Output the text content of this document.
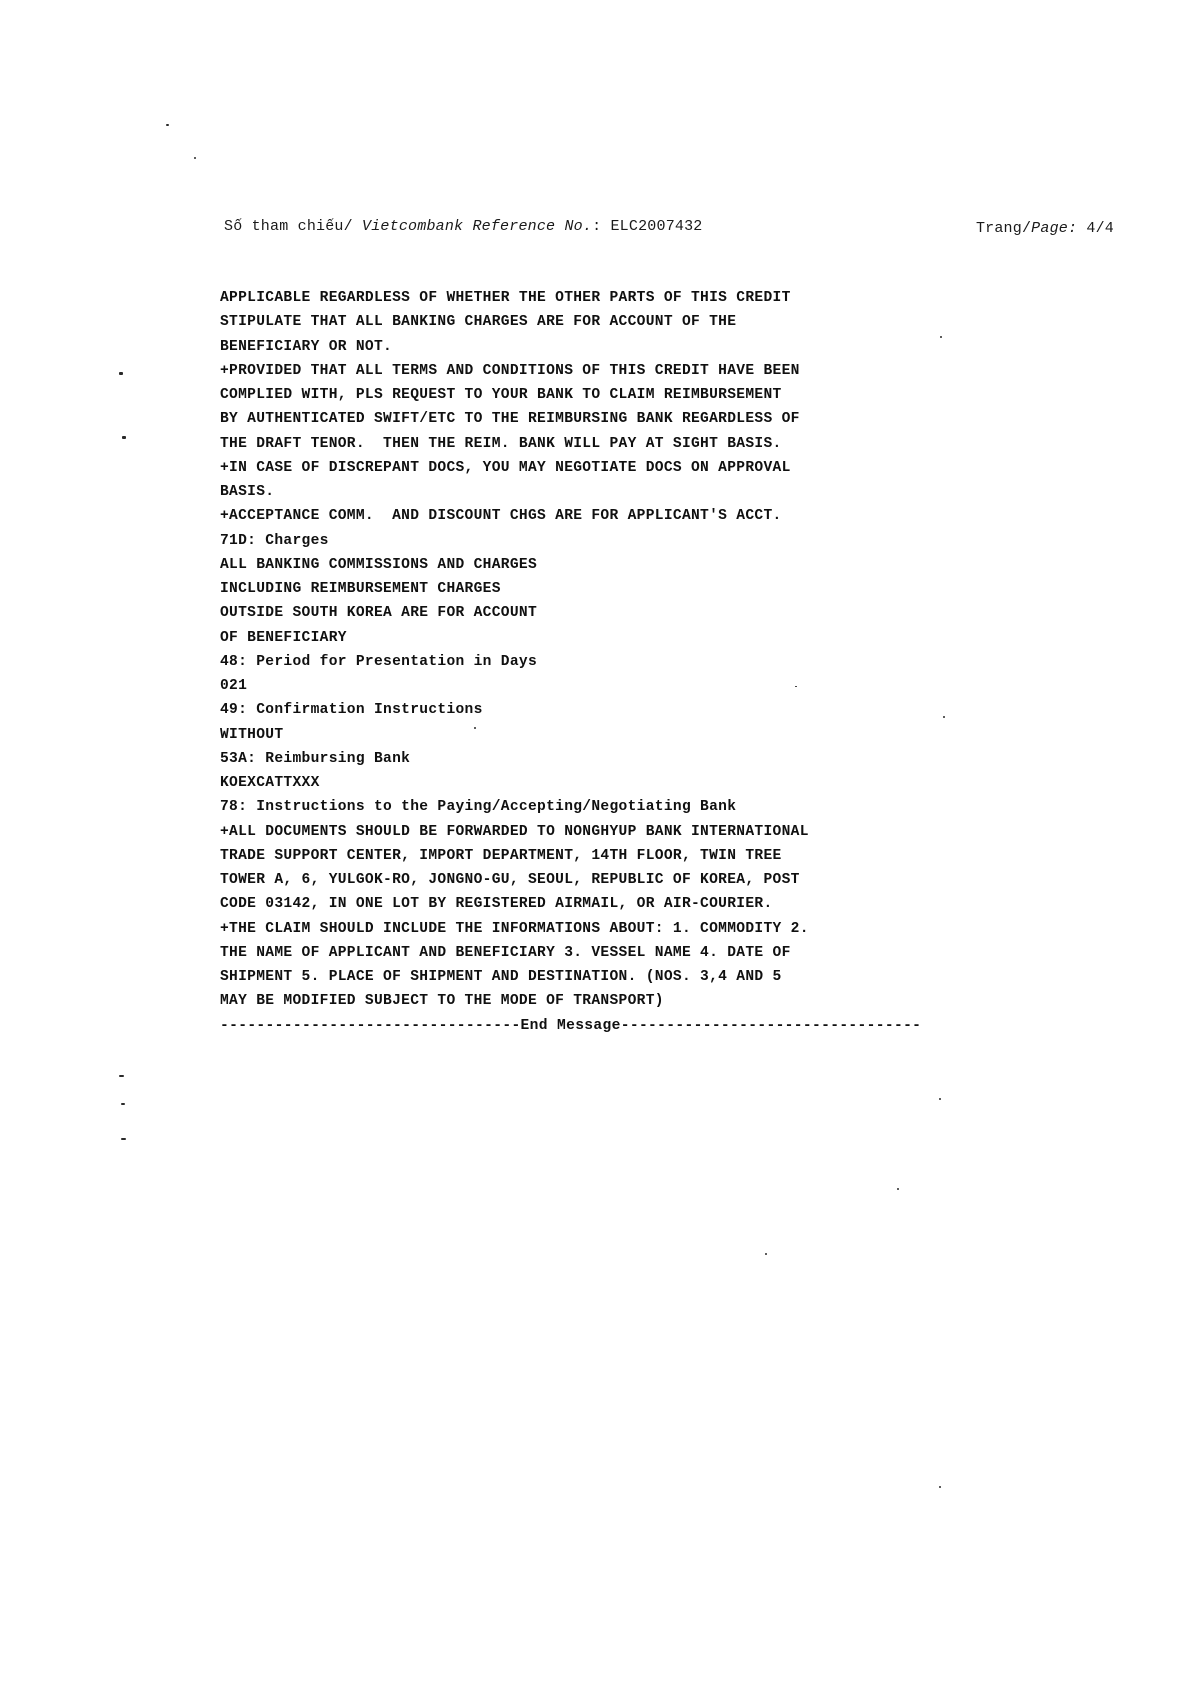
Số tham chiếu/ Vietcombank Reference No.: ELC2007432	Trang/Page: 4/4
APPLICABLE REGARDLESS OF WHETHER THE OTHER PARTS OF THIS CREDIT
STIPULATE THAT ALL BANKING CHARGES ARE FOR ACCOUNT OF THE
BENEFICIARY OR NOT.
+PROVIDED THAT ALL TERMS AND CONDITIONS OF THIS CREDIT HAVE BEEN
COMPLIED WITH, PLS REQUEST TO YOUR BANK TO CLAIM REIMBURSEMENT
BY AUTHENTICATED SWIFT/ETC TO THE REIMBURSING BANK REGARDLESS OF
THE DRAFT TENOR.  THEN THE REIM. BANK WILL PAY AT SIGHT BASIS.
+IN CASE OF DISCREPANT DOCS, YOU MAY NEGOTIATE DOCS ON APPROVAL
BASIS.
+ACCEPTANCE COMM.  AND DISCOUNT CHGS ARE FOR APPLICANT'S ACCT.
71D: Charges
ALL BANKING COMMISSIONS AND CHARGES
INCLUDING REIMBURSEMENT CHARGES
OUTSIDE SOUTH KOREA ARE FOR ACCOUNT
OF BENEFICIARY
48: Period for Presentation in Days
021
49: Confirmation Instructions
WITHOUT
53A: Reimbursing Bank
KOEXCATTXXX
78: Instructions to the Paying/Accepting/Negotiating Bank
+ALL DOCUMENTS SHOULD BE FORWARDED TO NONGHYUP BANK INTERNATIONAL
TRADE SUPPORT CENTER, IMPORT DEPARTMENT, 14TH FLOOR, TWIN TREE
TOWER A, 6, YULGOK-RO, JONGNO-GU, SEOUL, REPUBLIC OF KOREA, POST
CODE 03142, IN ONE LOT BY REGISTERED AIRMAIL, OR AIR-COURIER.
+THE CLAIM SHOULD INCLUDE THE INFORMATIONS ABOUT: 1. COMMODITY 2.
THE NAME OF APPLICANT AND BENEFICIARY 3. VESSEL NAME 4. DATE OF
SHIPMENT 5. PLACE OF SHIPMENT AND DESTINATION. (NOS. 3,4 AND 5
MAY BE MODIFIED SUBJECT TO THE MODE OF TRANSPORT)
---------------------------------End Message---------------------------------
